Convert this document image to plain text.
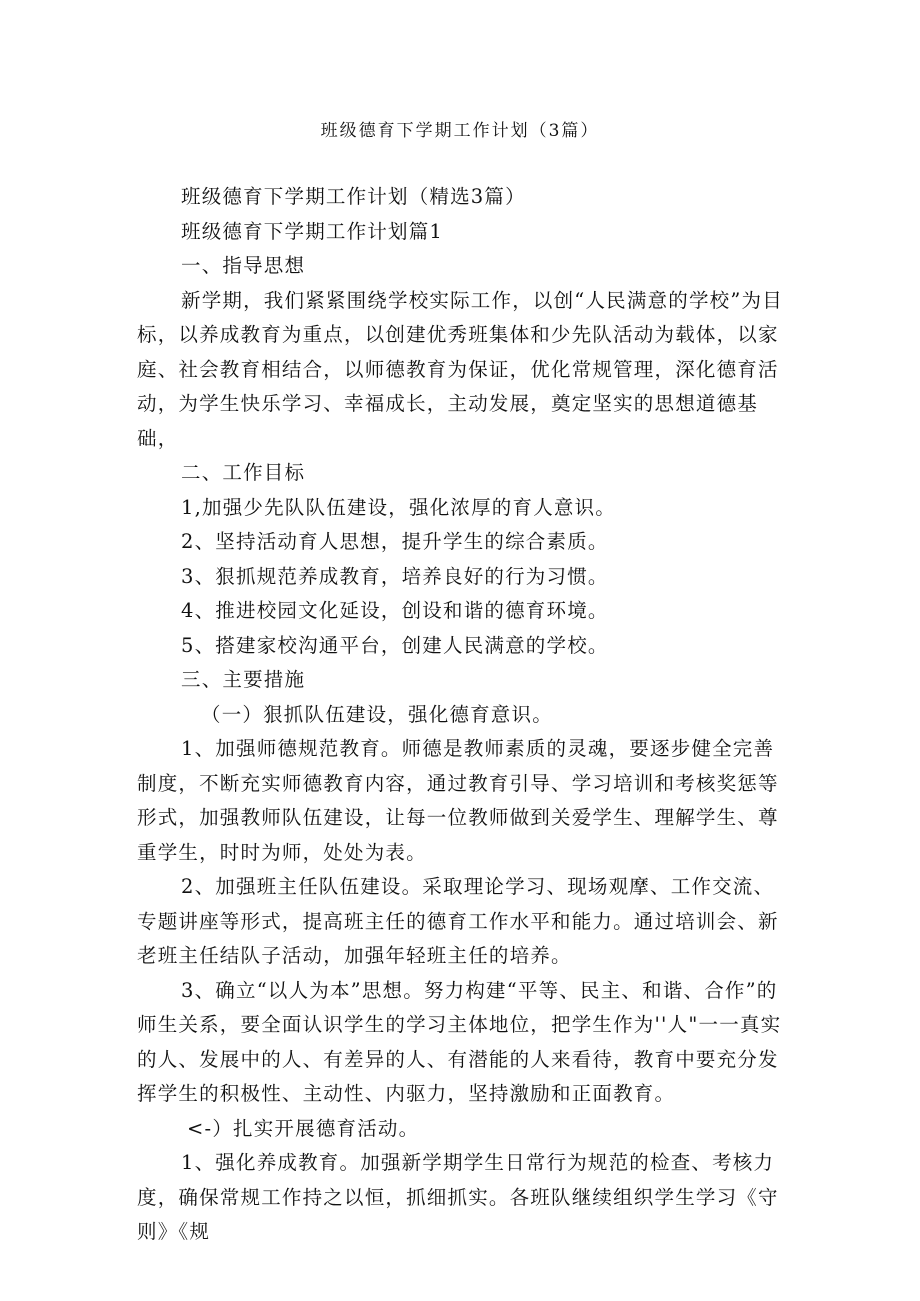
班级德育下学期工作计划（3篇）

班级德育下学期工作计划（精选3篇）

班级德育下学期工作计划篇1

一、指导思想

新学期，我们紧紧围绕学校实际工作，以创“人民满意的学校”为目标，以养成教育为重点，以创建优秀班集体和少先队活动为载体，以家庭、社会教育相结合，以师德教育为保证，优化常规管理，深化德育活动，为学生快乐学习、幸福成长，主动发展，奠定坚实的思想道德基础，

二、工作目标

1,加强少先队队伍建设，强化浓厚的育人意识。

2、坚持活动育人思想，提升学生的综合素质。

3、狠抓规范养成教育，培养良好的行为习惯。

4、推进校园文化延设，创设和谐的德育环境。

5、搭建家校沟通平台，创建人民满意的学校。

三、主要措施

（一）狠抓队伍建设，强化德育意识。

1、加强师德规范教育。师德是教师素质的灵魂，要逐步健全完善制度，不断充实师德教育内容，通过教育引导、学习培训和考核奖惩等形式，加强教师队伍建设，让每一位教师做到关爱学生、理解学生、尊重学生，时时为师，处处为表。

2、加强班主任队伍建设。采取理论学习、现场观摩、工作交流、专题讲座等形式，提高班主任的德育工作水平和能力。通过培训会、新老班主任结队子活动，加强年轻班主任的培养。

3、确立“以人为本”思想。努力构建“平等、民主、和谐、合作”的师生关系，要全面认识学生的学习主体地位，把学生作为''人"一一真实的人、发展中的人、有差异的人、有潜能的人来看待，教育中要充分发挥学生的积极性、主动性、内驱力，坚持激励和正面教育。

<-）扎实开展德育活动。

1、强化养成教育。加强新学期学生日常行为规范的检查、考核力度，确保常规工作持之以恒，抓细抓实。各班队继续组织学生学习《守则》《规
